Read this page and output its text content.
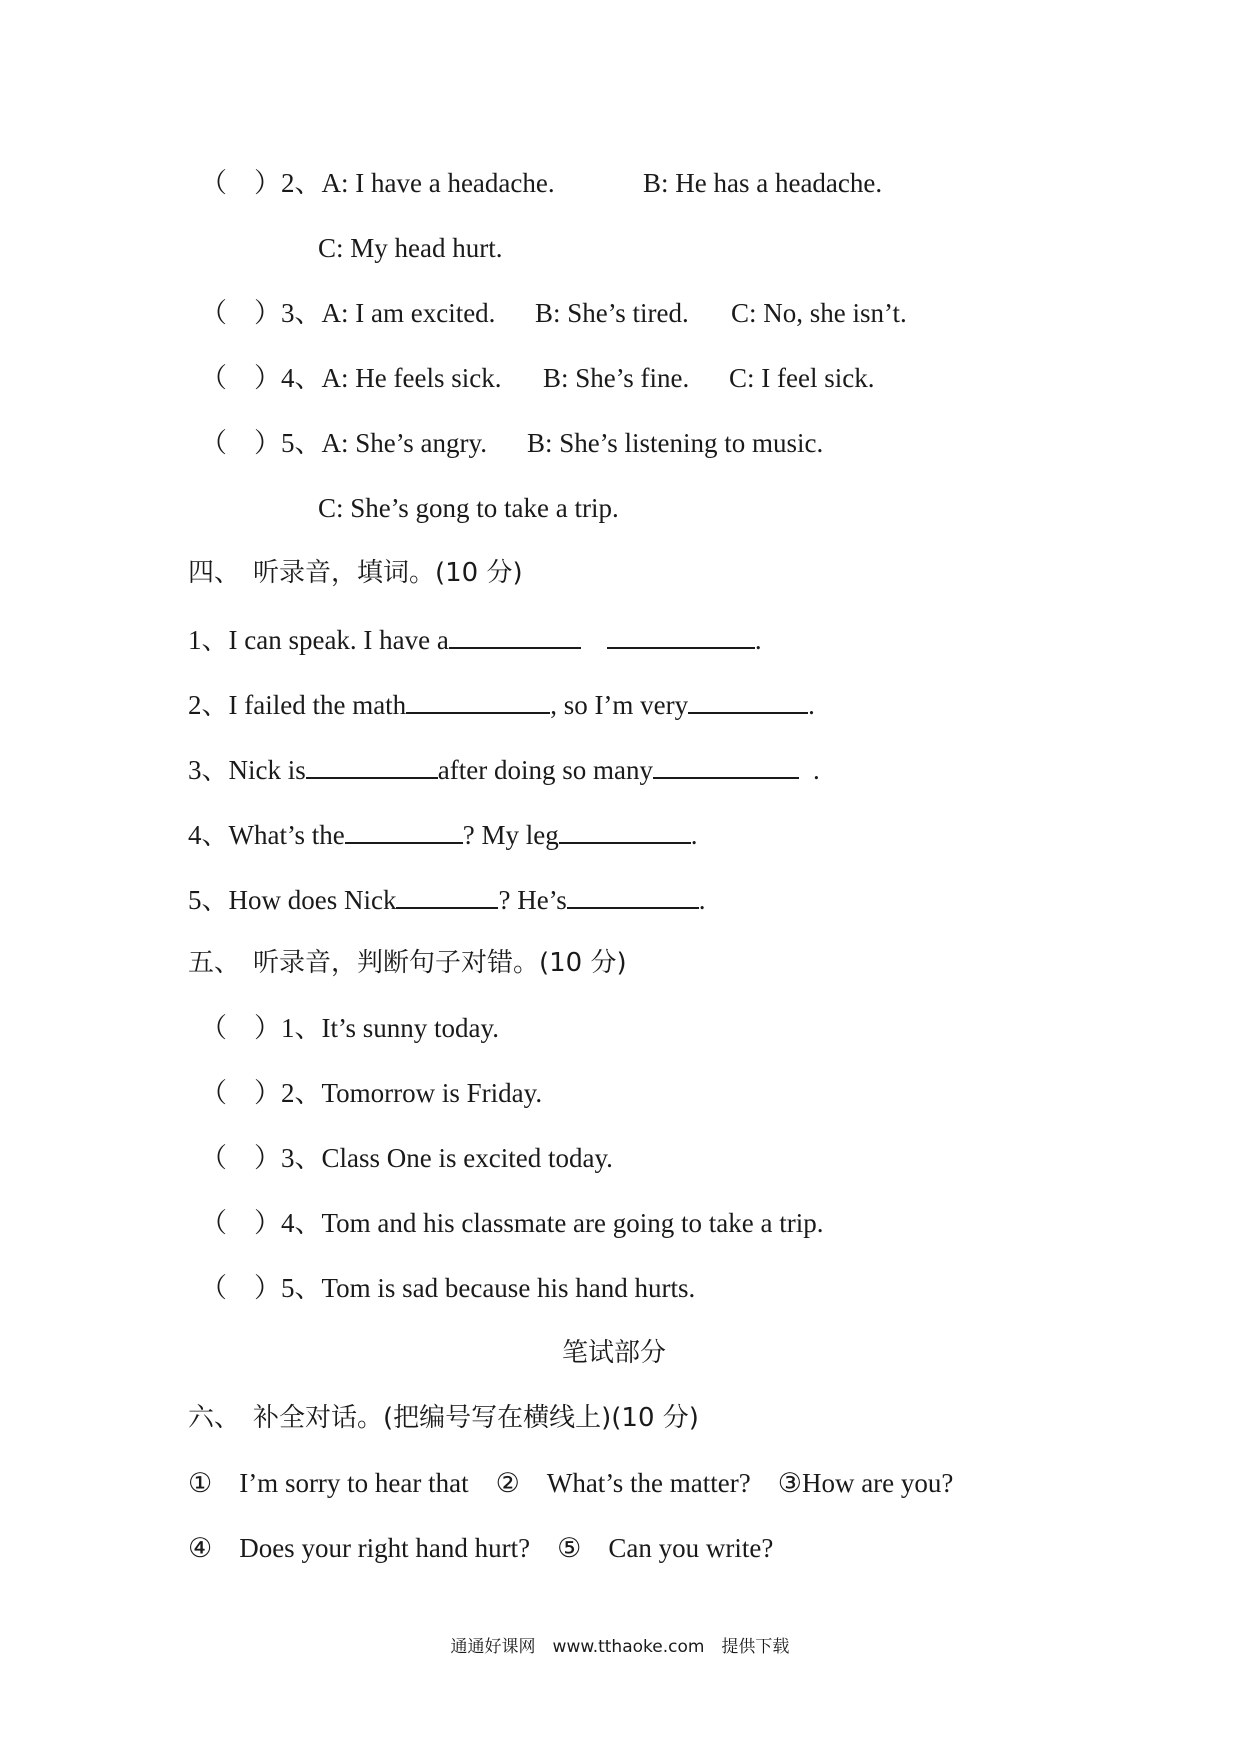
（　）2、A: I have a headache.	B: He has a headache.
C: My head hurt.
（　）3、A: I am excited. B: She’s tired. C: No, she isn’t.
（　）4、A: He feels sick. B: She’s fine. C: I feel sick.
（　）5、A: She’s angry. B: She’s listening to music.
C: She’s gong to take a trip.
四、　听录音，填词。(10 分)
1、I can speak. I have a	.
2、I failed the math	, so I’m very	.
3、Nick is	after doing so many	.
4、What’s the	? My leg	.
5、How does Nick	? He’s	.
五、　听录音，判断句子对错。(10 分)
（　）1、It’s sunny today.
（　）2、Tomorrow is Friday.
（　）3、Class One is excited today.
（　）4、Tom and his classmate are going to take a trip.
（　）5、Tom is sad because his hand hurts.
笔试部分
六、　补全对话。(把编号写在横线上)(10 分)
①　I’m sorry to hear that　②　What’s the matter?　③How are you?
④　Does your right hand hurt?　⑤　Can you write?
通通好课网　www.tthaoke.com　提供下载
